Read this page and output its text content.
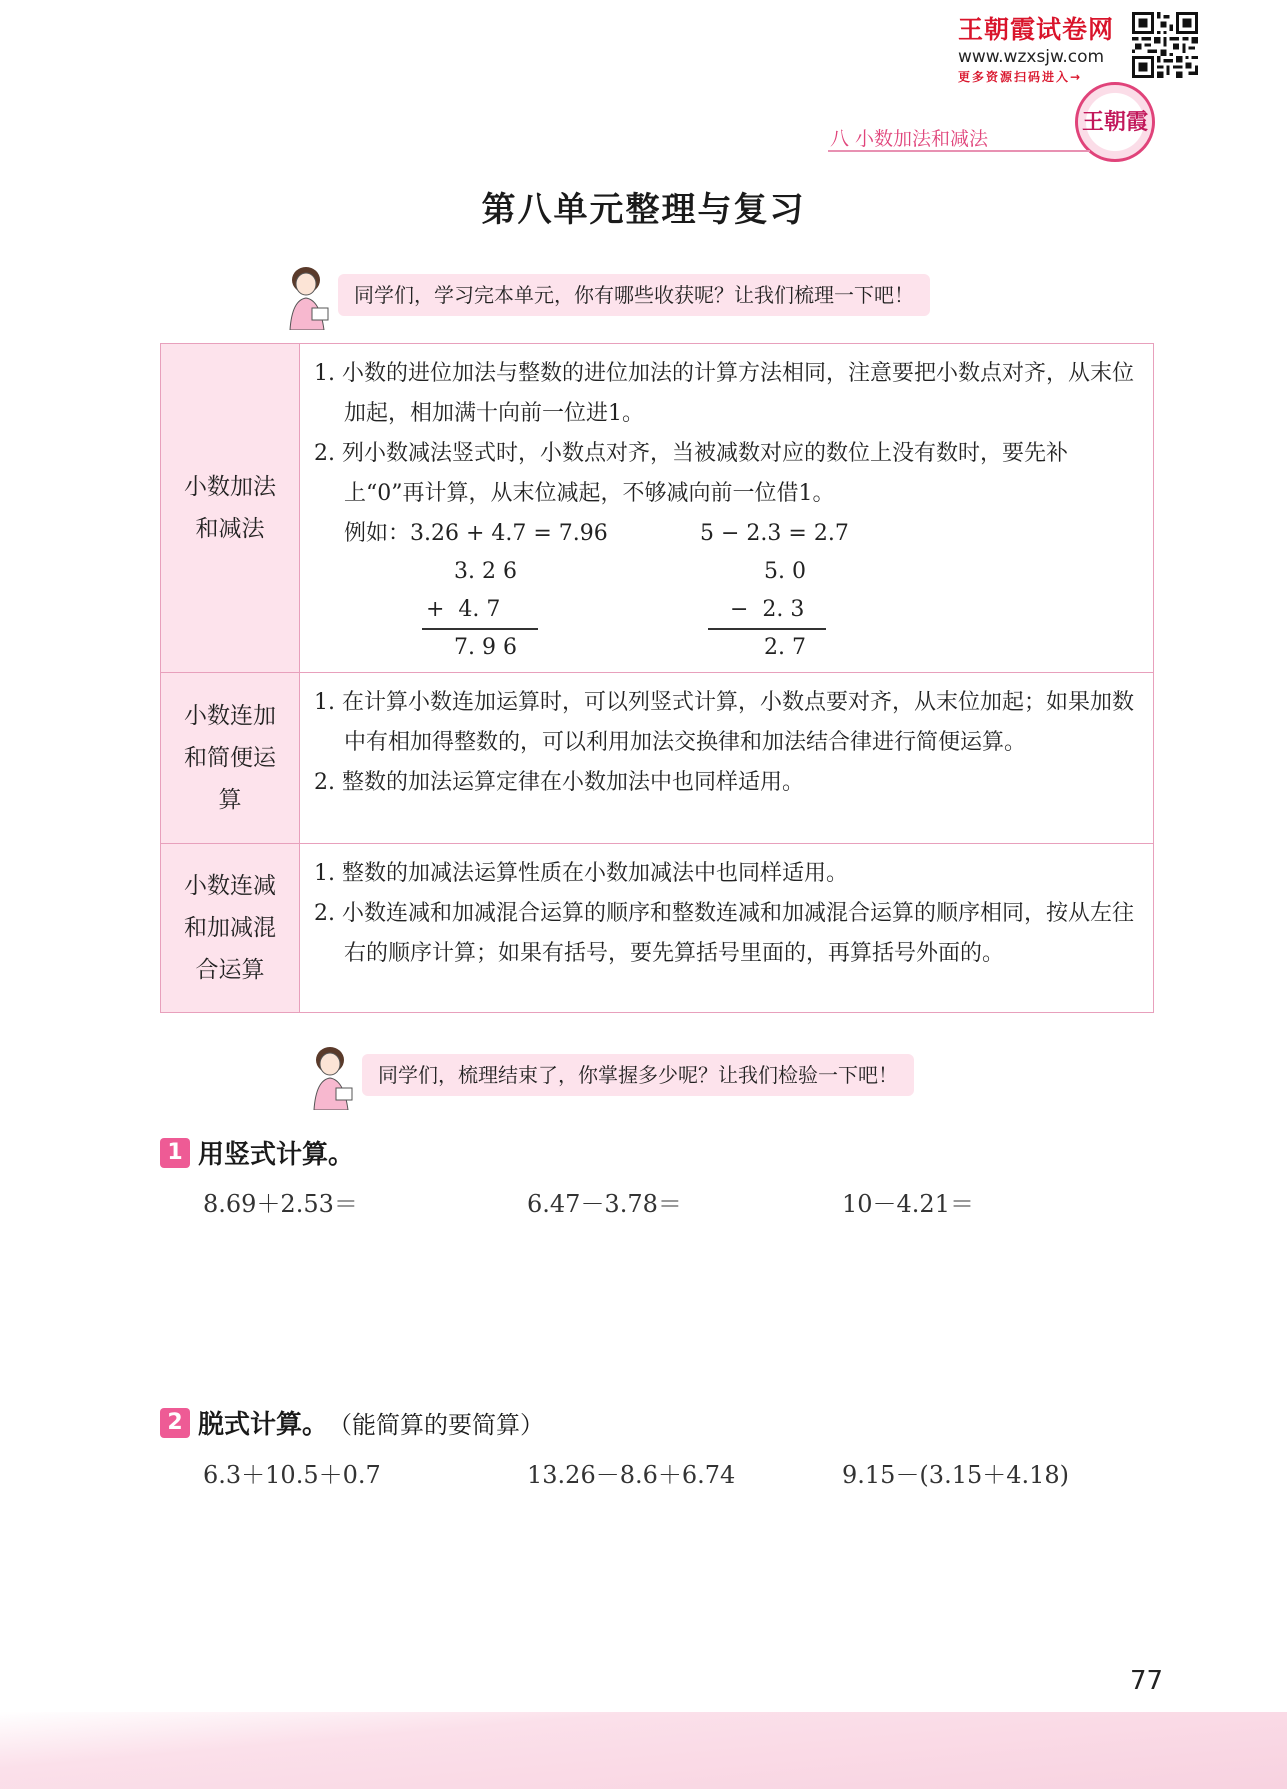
王朝霞试卷网
www.wzxsjw.com
更多资源扫码进入→
王朝霞
八 小数加法和减法
第八单元整理与复习
同学们，学习完本单元，你有哪些收获呢？让我们梳理一下吧！
小数加法和减法
1. 小数的进位加法与整数的进位加法的计算方法相同，注意要把小数点对齐，从末位加起，相加满十向前一位进1。
2. 列小数减法竖式时，小数点对齐，当被减数对应的数位上没有数时，要先补上“0”再计算，从末位减起，不够减向前一位借1。
例如：3.26 + 4.7 = 7.96	5 − 2.3 = 2.7
3. 2 6
+  4. 7
7. 9 6
5. 0
−  2. 3
2. 7
小数连加和简便运算
1. 在计算小数连加运算时，可以列竖式计算，小数点要对齐，从末位加起；如果加数中有相加得整数的，可以利用加法交换律和加法结合律进行简便运算。
2. 整数的加法运算定律在小数加法中也同样适用。
小数连减和加减混合运算
1. 整数的加减法运算性质在小数加减法中也同样适用。
2. 小数连减和加减混合运算的顺序和整数连减和加减混合运算的顺序相同，按从左往右的顺序计算；如果有括号，要先算括号里面的，再算括号外面的。
同学们，梳理结束了，你掌握多少呢？让我们检验一下吧！
1 用竖式计算。
8.69＋2.53＝	6.47－3.78＝	10－4.21＝
2 脱式计算。 （能简算的要简算）
6.3＋10.5＋0.7	13.26－8.6＋6.74	9.15－(3.15＋4.18)
77
